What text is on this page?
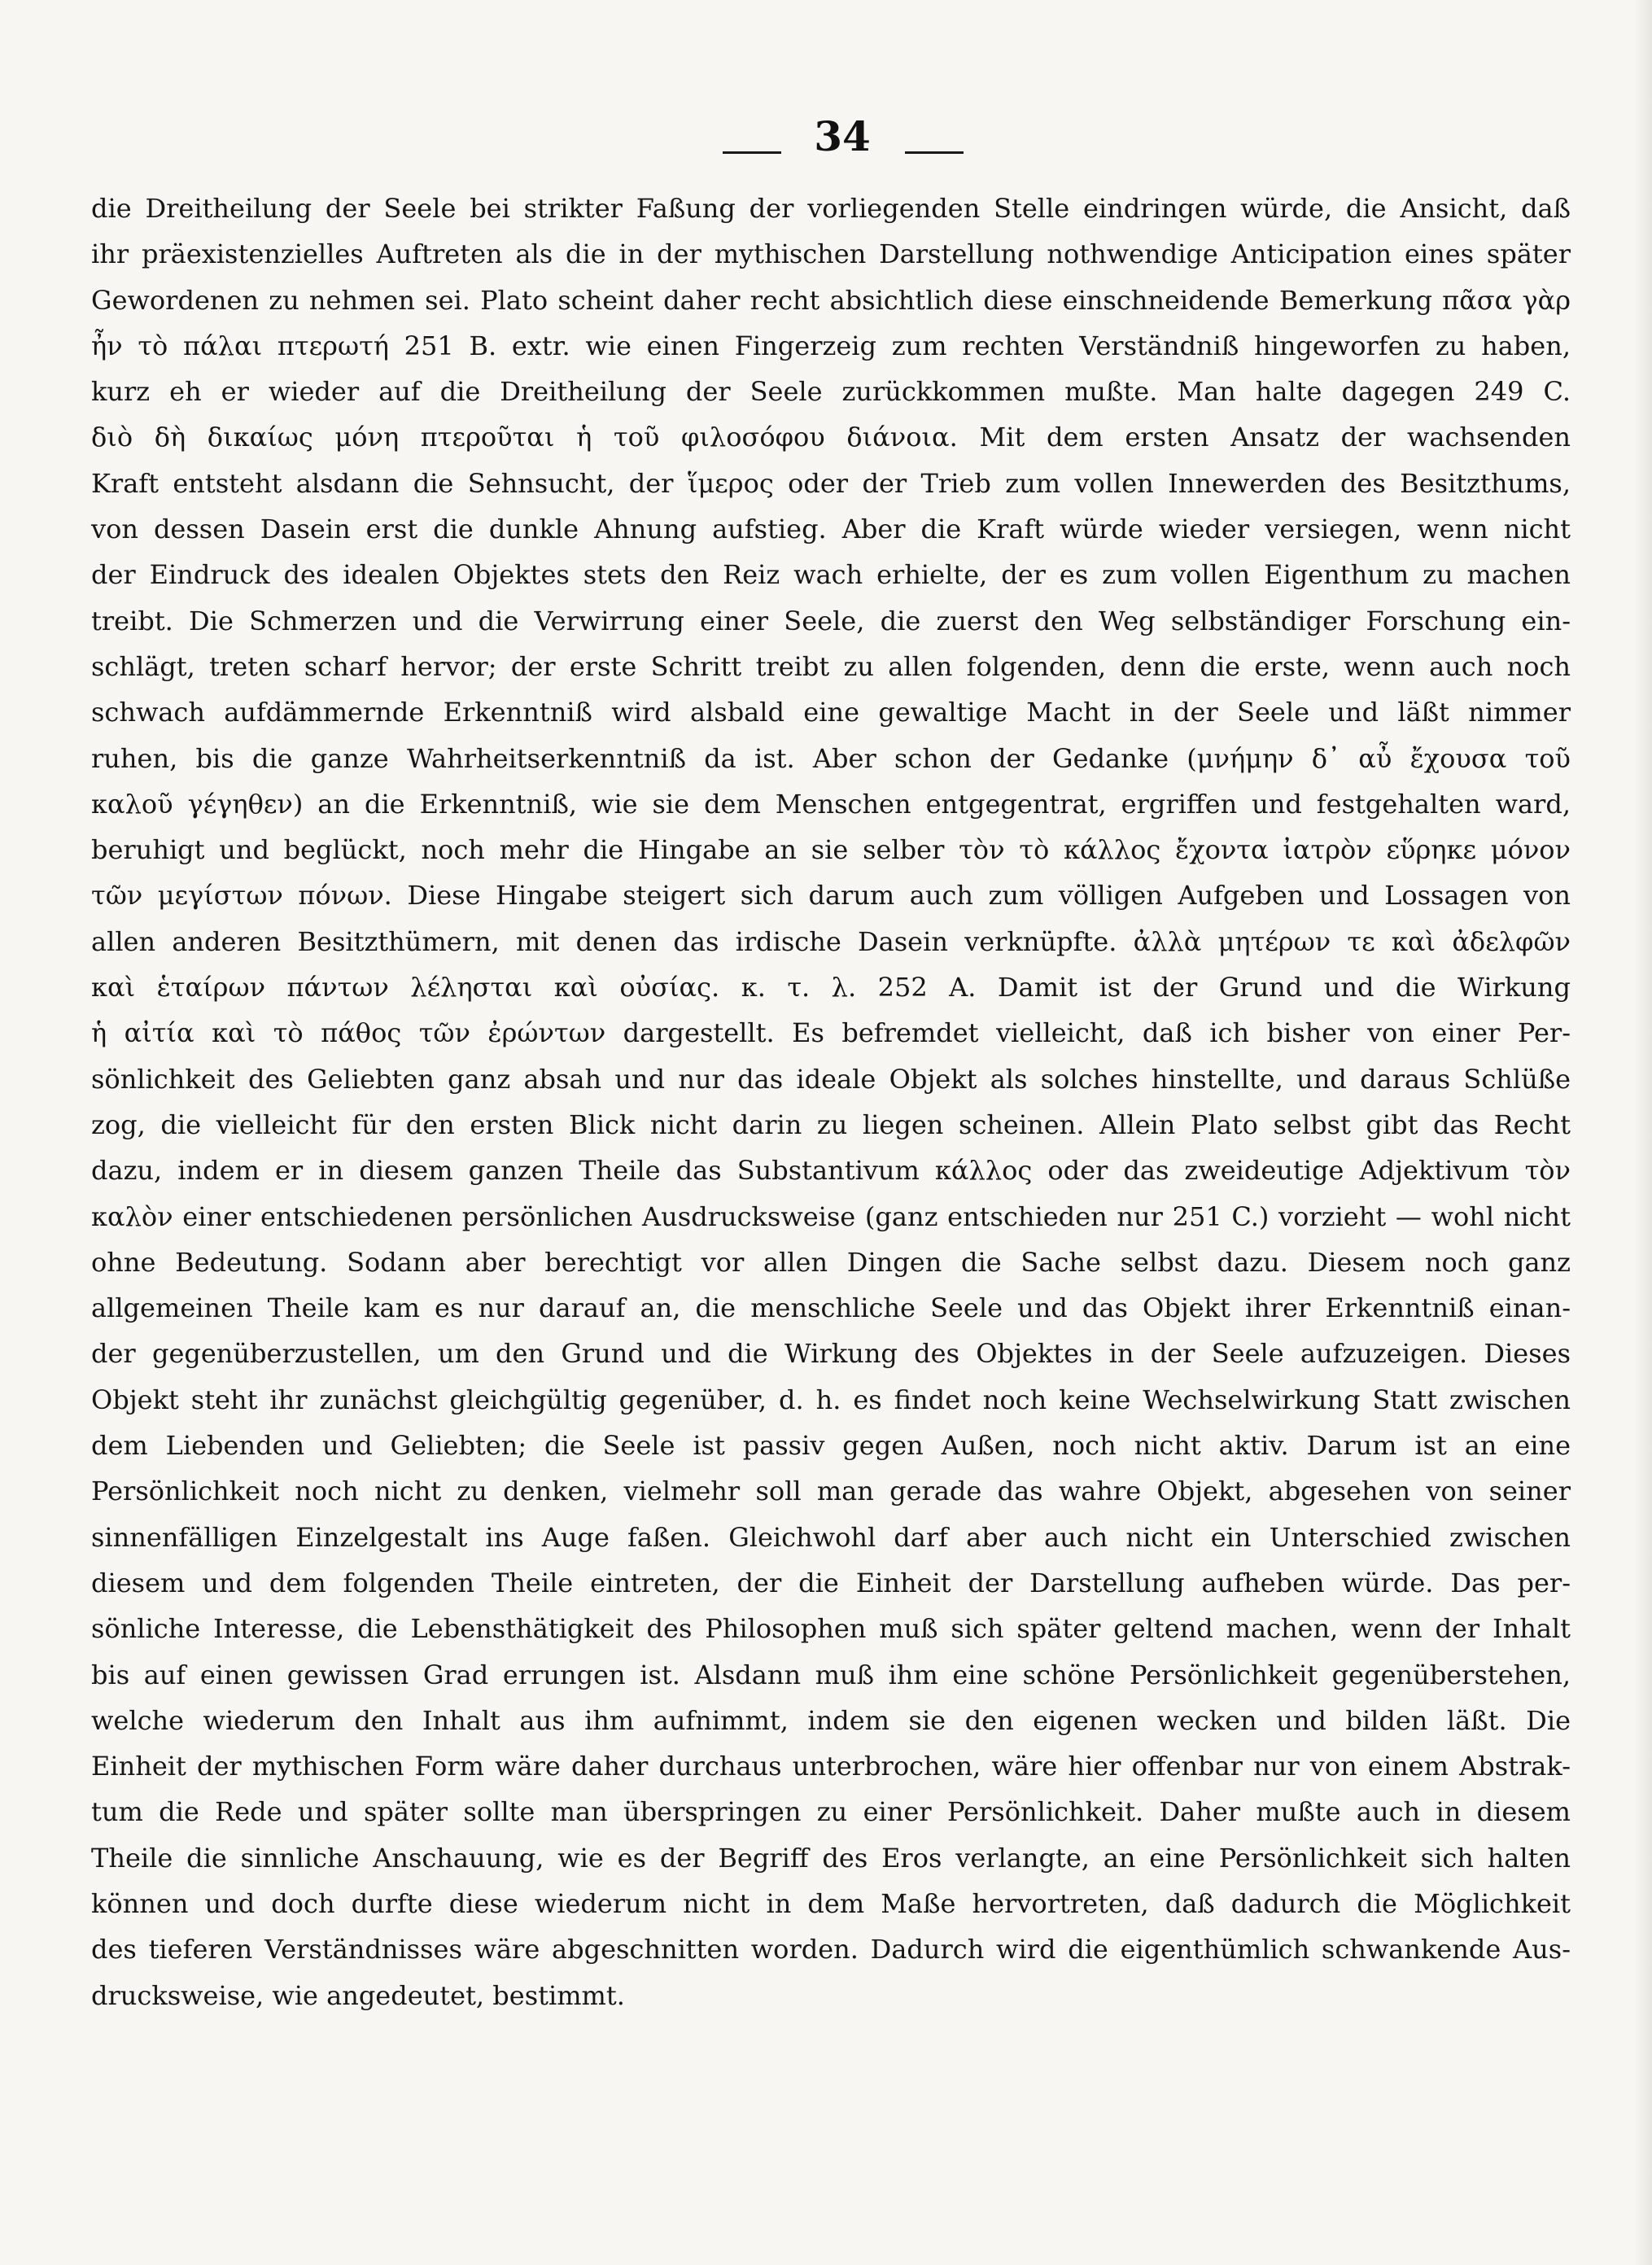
34
die Dreitheilung der Seele bei strikter Faßung der vorliegenden Stelle eindringen würde, die Ansicht, daß
ihr präexistenzielles Auftreten als die in der mythischen Darstellung nothwendige Anticipation eines später
Gewordenen zu nehmen sei. Plato scheint daher recht absichtlich diese einschneidende Bemerkung πᾶσα γὰρ
ἦν τὸ πάλαι πτερωτή 251 B. extr. wie einen Fingerzeig zum rechten Verständniß hingeworfen zu haben,
kurz eh er wieder auf die Dreitheilung der Seele zurückkommen mußte. Man halte dagegen 249 C.
διὸ δὴ δικαίως μόνη πτεροῦται ἡ τοῦ φιλοσόφου διάνοια. Mit dem ersten Ansatz der wachsenden
Kraft entsteht alsdann die Sehnsucht, der ἵμερος oder der Trieb zum vollen Innewerden des Besitzthums,
von dessen Dasein erst die dunkle Ahnung aufstieg. Aber die Kraft würde wieder versiegen, wenn nicht
der Eindruck des idealen Objektes stets den Reiz wach erhielte, der es zum vollen Eigenthum zu machen
treibt. Die Schmerzen und die Verwirrung einer Seele, die zuerst den Weg selbständiger Forschung ein-
schlägt, treten scharf hervor; der erste Schritt treibt zu allen folgenden, denn die erste, wenn auch noch
schwach aufdämmernde Erkenntniß wird alsbald eine gewaltige Macht in der Seele und läßt nimmer
ruhen, bis die ganze Wahrheitserkenntniß da ist. Aber schon der Gedanke (μνήμην δ᾽ αὖ ἔχουσα τοῦ
καλοῦ γέγηθεν) an die Erkenntniß, wie sie dem Menschen entgegentrat, ergriffen und festgehalten ward,
beruhigt und beglückt, noch mehr die Hingabe an sie selber τὸν τὸ κάλλος ἔχοντα ἰατρὸν εὕρηκε μόνον
τῶν μεγίστων πόνων. Diese Hingabe steigert sich darum auch zum völligen Aufgeben und Lossagen von
allen anderen Besitzthümern, mit denen das irdische Dasein verknüpfte. ἀλλὰ μητέρων τε καὶ ἀδελφῶν
καὶ ἑταίρων πάντων λέλησται καὶ οὐσίας. κ. τ. λ. 252 A. Damit ist der Grund und die Wirkung
ἡ αἰτία καὶ τὸ πάθος τῶν ἐρώντων dargestellt. Es befremdet vielleicht, daß ich bisher von einer Per-
sönlichkeit des Geliebten ganz absah und nur das ideale Objekt als solches hinstellte, und daraus Schlüße
zog, die vielleicht für den ersten Blick nicht darin zu liegen scheinen. Allein Plato selbst gibt das Recht
dazu, indem er in diesem ganzen Theile das Substantivum κάλλος oder das zweideutige Adjektivum τὸν
καλὸν einer entschiedenen persönlichen Ausdrucksweise (ganz entschieden nur 251 C.) vorzieht — wohl nicht
ohne Bedeutung. Sodann aber berechtigt vor allen Dingen die Sache selbst dazu. Diesem noch ganz
allgemeinen Theile kam es nur darauf an, die menschliche Seele und das Objekt ihrer Erkenntniß einan-
der gegenüberzustellen, um den Grund und die Wirkung des Objektes in der Seele aufzuzeigen. Dieses
Objekt steht ihr zunächst gleichgültig gegenüber, d. h. es findet noch keine Wechselwirkung Statt zwischen
dem Liebenden und Geliebten; die Seele ist passiv gegen Außen, noch nicht aktiv. Darum ist an eine
Persönlichkeit noch nicht zu denken, vielmehr soll man gerade das wahre Objekt, abgesehen von seiner
sinnenfälligen Einzelgestalt ins Auge faßen. Gleichwohl darf aber auch nicht ein Unterschied zwischen
diesem und dem folgenden Theile eintreten, der die Einheit der Darstellung aufheben würde. Das per-
sönliche Interesse, die Lebensthätigkeit des Philosophen muß sich später geltend machen, wenn der Inhalt
bis auf einen gewissen Grad errungen ist. Alsdann muß ihm eine schöne Persönlichkeit gegenüberstehen,
welche wiederum den Inhalt aus ihm aufnimmt, indem sie den eigenen wecken und bilden läßt. Die
Einheit der mythischen Form wäre daher durchaus unterbrochen, wäre hier offenbar nur von einem Abstrak-
tum die Rede und später sollte man überspringen zu einer Persönlichkeit. Daher mußte auch in diesem
Theile die sinnliche Anschauung, wie es der Begriff des Eros verlangte, an eine Persönlichkeit sich halten
können und doch durfte diese wiederum nicht in dem Maße hervortreten, daß dadurch die Möglichkeit
des tieferen Verständnisses wäre abgeschnitten worden. Dadurch wird die eigenthümlich schwankende Aus-
drucksweise, wie angedeutet, bestimmt.
